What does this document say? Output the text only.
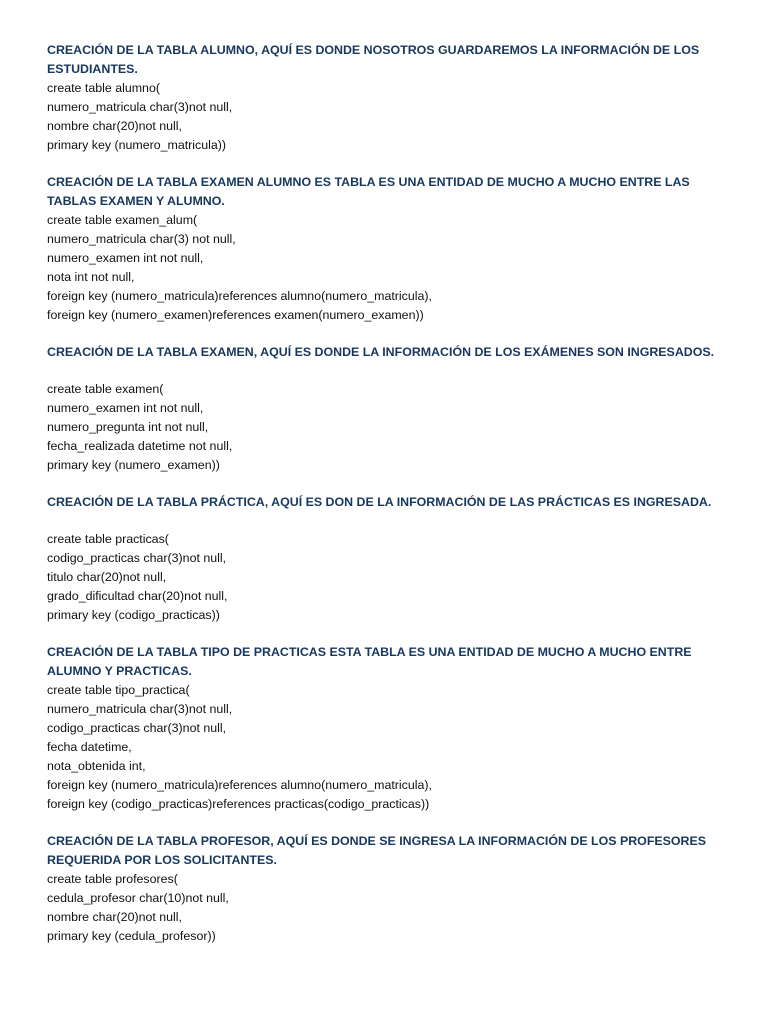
CREACIÓN DE LA TABLA ALUMNO, AQUÍ ES DONDE NOSOTROS GUARDAREMOS LA INFORMACIÓN DE LOS ESTUDIANTES.

create table alumno(

numero_matricula char(3)not null,

nombre char(20)not null,

primary key (numero_matricula))

CREACIÓN DE LA TABLA EXAMEN ALUMNO ES TABLA ES UNA ENTIDAD DE MUCHO A MUCHO ENTRE LAS TABLAS EXAMEN Y ALUMNO.

create table examen_alum(

numero_matricula char(3) not null,

numero_examen int not null,

nota int not null,

foreign key (numero_matricula)references alumno(numero_matricula),

foreign key (numero_examen)references examen(numero_examen))

CREACIÓN DE LA TABLA EXAMEN, AQUÍ ES DONDE LA INFORMACIÓN DE LOS EXÁMENES SON INGRESADOS.

create table examen(

numero_examen int not null,

numero_pregunta int not null,

fecha_realizada datetime not null,

primary key (numero_examen))

CREACIÓN DE LA TABLA PRÁCTICA, AQUÍ ES DON DE LA INFORMACIÓN DE LAS PRÁCTICAS ES INGRESADA.

create table practicas(

codigo_practicas char(3)not null,

titulo char(20)not null,

grado_dificultad char(20)not null,

primary key (codigo_practicas))

CREACIÓN DE LA TABLA TIPO DE PRACTICAS ESTA TABLA ES UNA ENTIDAD DE MUCHO A MUCHO ENTRE ALUMNO Y PRACTICAS.

create table tipo_practica(

numero_matricula char(3)not null,

codigo_practicas char(3)not null,

fecha datetime,

nota_obtenida int,

foreign key (numero_matricula)references alumno(numero_matricula),

foreign key (codigo_practicas)references practicas(codigo_practicas))

CREACIÓN DE LA TABLA PROFESOR, AQUÍ ES DONDE SE INGRESA LA INFORMACIÓN DE LOS PROFESORES REQUERIDA POR LOS SOLICITANTES.

create table profesores(

cedula_profesor char(10)not null,

nombre char(20)not null,

primary key (cedula_profesor))
